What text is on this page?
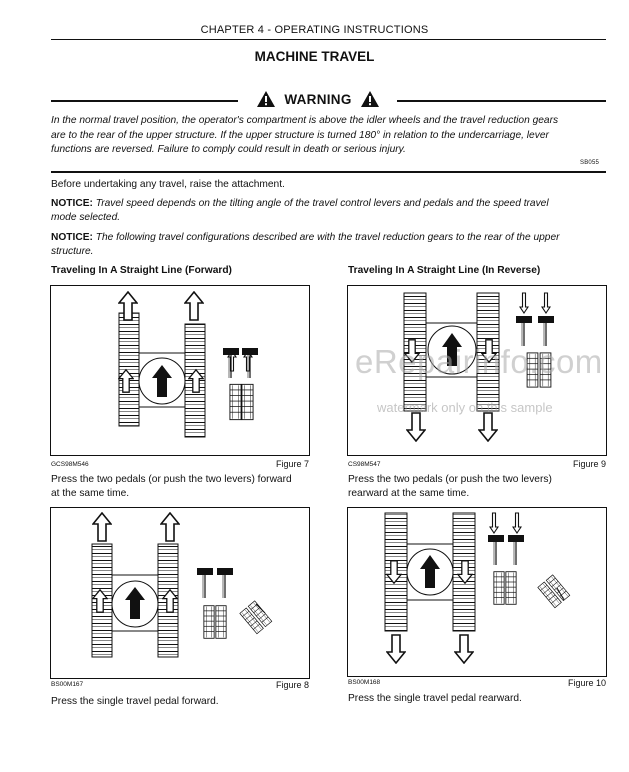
CHAPTER 4 - OPERATING INSTRUCTIONS
MACHINE TRAVEL
WARNING
In the normal travel position, the operator's compartment is above the idler wheels and the travel reduction gears
are to the rear of the upper structure. If the upper structure is turned 180° in relation to the undercarriage, lever
functions are reversed. Failure to comply could result in death or serious injury.
SB055
Before undertaking any travel, raise the attachment.
NOTICE: Travel speed depends on the tilting angle of the travel control levers and pedals and the speed travel
mode selected.
NOTICE: The following travel configurations described are with the travel reduction gears to the rear of the upper
structure.
Traveling In A Straight Line (Forward)	Traveling In A Straight Line (In Reverse)
GCS98M546	Figure 7
Press the two pedals (or push the two levers) forward
at the same time.
CS98M547	Figure 9
Press the two pedals (or push the two levers)
rearward at the same time.
BS00M167	Figure 8
Press the single travel pedal forward.
BS00M168	Figure 10
Press the single travel pedal rearward.
eRepairinfo.com
watermark only on this sample
